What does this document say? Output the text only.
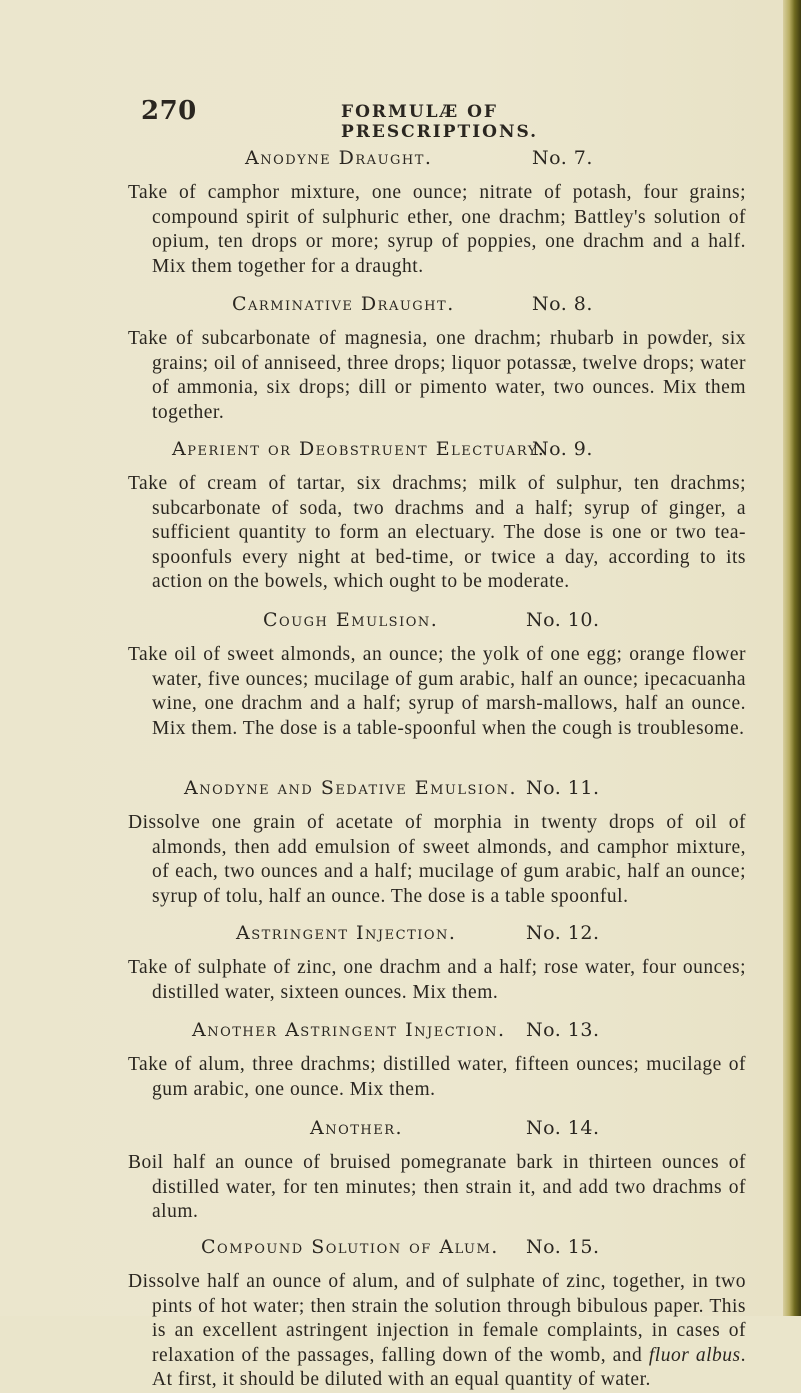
270	FORMULÆ OF PRESCRIPTIONS.
Anodyne Draught.	No. 7.

Take of camphor mixture, one ounce; nitrate of potash, four grains; compound spirit of sulphuric ether, one drachm; Battley's solution of opium, ten drops or more; syrup of poppies, one drachm and a half. Mix them together for a draught.

Carminative Draught.	No. 8.

Take of subcarbonate of magnesia, one drachm; rhubarb in powder, six grains; oil of anniseed, three drops; liquor potassæ, twelve drops; water of ammonia, six drops; dill or pimento water, two ounces. Mix them together.

Aperient or Deobstruent Electuary.
No. 9.

Take of cream of tartar, six drachms; milk of sulphur, ten drachms; subcarbonate of soda, two drachms and a half; syrup of ginger, a sufficient quantity to form an electuary. The dose is one or two tea-spoonfuls every night at bed-time, or twice a day, according to its action on the bowels, which ought to be moderate.

Cough Emulsion.	No. 10.

Take oil of sweet almonds, an ounce; the yolk of one egg; orange flower water, five ounces; mucilage of gum arabic, half an ounce; ipecacuanha wine, one drachm and a half; syrup of marsh-mallows, half an ounce. Mix them. The dose is a table-spoonful when the cough is troublesome.

Anodyne and Sedative Emulsion. No. 11.

Dissolve one grain of acetate of morphia in twenty drops of oil of almonds, then add emulsion of sweet almonds, and camphor mixture, of each, two ounces and a half; mucilage of gum arabic, half an ounce; syrup of tolu, half an ounce. The dose is a table spoonful.

Astringent Injection.	No. 12.

Take of sulphate of zinc, one drachm and a half; rose water, four ounces; distilled water, sixteen ounces. Mix them.

Another Astringent Injection. No. 13.

Take of alum, three drachms; distilled water, fifteen ounces; mucilage of gum arabic, one ounce. Mix them.

Another.	No. 14.

Boil half an ounce of bruised pomegranate bark in thirteen ounces of distilled water, for ten minutes; then strain it, and add two drachms of alum.

Compound Solution of Alum. No. 15.

Dissolve half an ounce of alum, and of sulphate of zinc, together, in two pints of hot water; then strain the solution through bibulous paper. This is an excellent astringent injection in female complaints, in cases of relaxation of the passages, falling down of the womb, and fluor albus. At first, it should be diluted with an equal quantity of water.
